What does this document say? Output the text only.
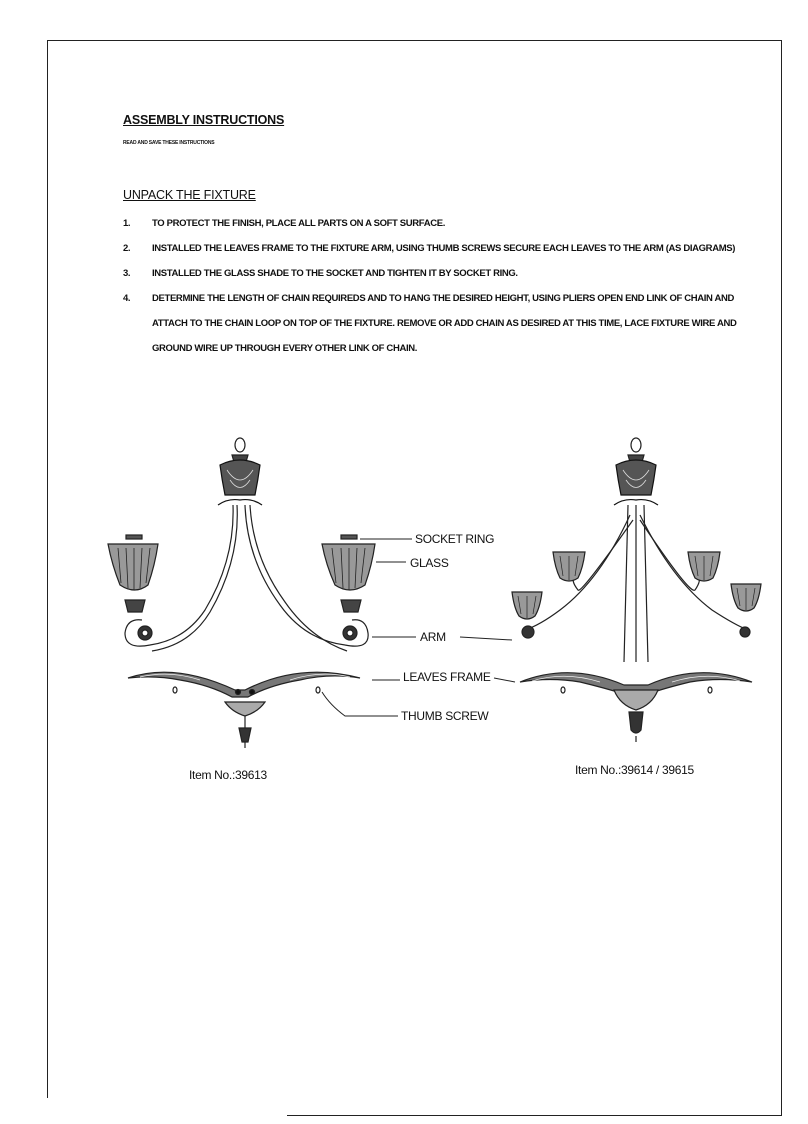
ASSEMBLY INSTRUCTIONS
READ AND SAVE THESE INSTRUCTIONS
UNPACK THE FIXTURE
1. TO PROTECT THE FINISH, PLACE ALL PARTS ON A SOFT SURFACE.
2. INSTALLED THE LEAVES FRAME TO THE FIXTURE ARM, USING THUMB SCREWS SECURE EACH LEAVES TO THE ARM (AS DIAGRAMS)
3. INSTALLED THE GLASS SHADE TO THE SOCKET AND TIGHTEN IT BY SOCKET RING.
4. DETERMINE THE LENGTH OF CHAIN REQUIREDS AND TO HANG THE DESIRED HEIGHT, USING PLIERS OPEN END LINK OF CHAIN AND ATTACH TO THE CHAIN LOOP ON TOP OF THE FIXTURE. REMOVE OR ADD CHAIN AS DESIRED AT THIS TIME, LACE FIXTURE WIRE AND GROUND WIRE UP THROUGH EVERY OTHER LINK OF CHAIN.
SOCKET RING
GLASS
ARM
LEAVES FRAME
THUMB SCREW
Item No.:39613	Item No.:39614 / 39615
